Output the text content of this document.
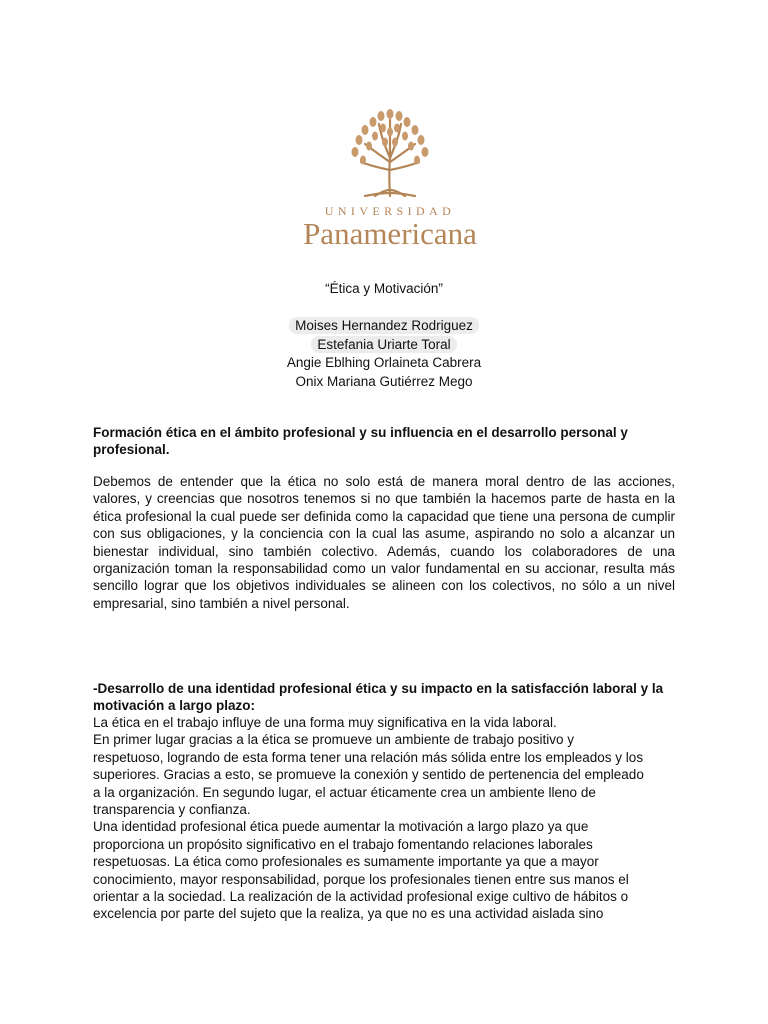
UNIVERSIDAD
Panamericana
“Ética y Motivación”
Moises Hernandez Rodriguez
Estefania Uriarte Toral
Angie Eblhing Orlaineta Cabrera
Onix Mariana Gutiérrez Mego
Formación ética en el ámbito profesional y su influencia en el desarrollo personal y profesional.
Debemos de entender que la ética no solo está de manera moral dentro de las acciones, valores, y creencias que nosotros tenemos si no que también la hacemos parte de hasta en la ética profesional la cual puede ser definida como la capacidad que tiene una persona de cumplir con sus obligaciones, y la conciencia con la cual las asume, aspirando no solo a alcanzar un bienestar individual, sino también colectivo. Además, cuando los colaboradores de una organización toman la responsabilidad como un valor fundamental en su accionar, resulta más sencillo lograr que los objetivos individuales se alineen con los colectivos, no sólo a un nivel empresarial, sino también a nivel personal.
-Desarrollo de una identidad profesional ética y su impacto en la satisfacción laboral y la motivación a largo plazo:
La ética en el trabajo influye de una forma muy significativa en la vida laboral.
En primer lugar gracias a la ética se promueve un ambiente de trabajo positivo y
respetuoso, logrando de esta forma tener una relación más sólida entre los empleados y los
superiores. Gracias a esto, se promueve la conexión y sentido de pertenencia del empleado
a la organización. En segundo lugar, el actuar éticamente crea un ambiente lleno de
transparencia y confianza.
Una identidad profesional ética puede aumentar la motivación a largo plazo ya que
proporciona un propósito significativo en el trabajo fomentando relaciones laborales
respetuosas. La ética como profesionales es sumamente importante ya que a mayor
conocimiento, mayor responsabilidad, porque los profesionales tienen entre sus manos el
orientar a la sociedad. La realización de la actividad profesional exige cultivo de hábitos o
excelencia por parte del sujeto que la realiza, ya que no es una actividad aislada sino
